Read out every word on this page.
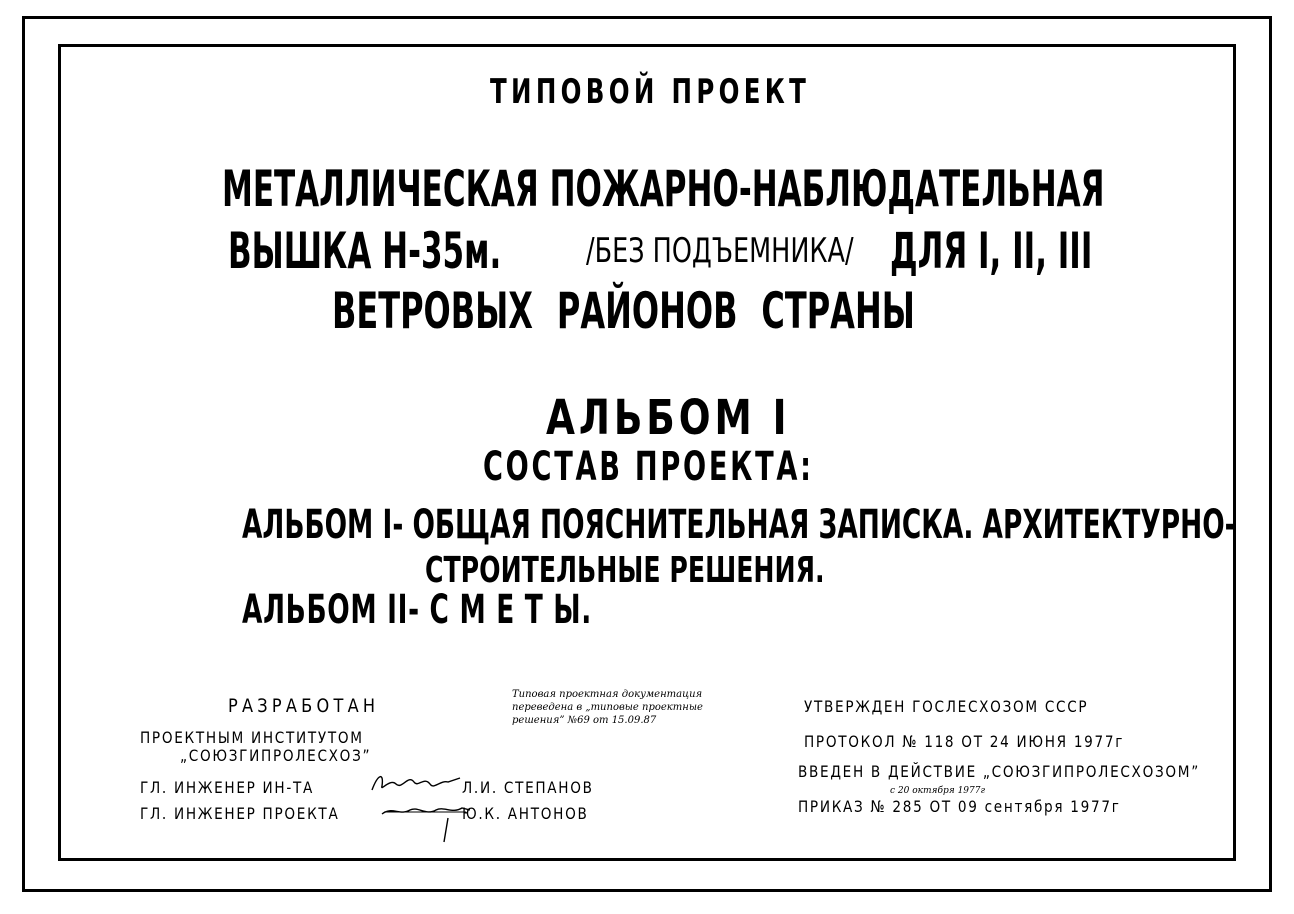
ТИПОВОЙ ПРОЕКТ
МЕТАЛЛИЧЕСКАЯ ПОЖАРНО-НАБЛЮДАТЕЛЬНАЯ
ВЫШКА Н-35м. /БЕЗ ПОДЪЕМНИКА/ ДЛЯ I, II, III
ВЕТРОВЫХ РАЙОНОВ СТРАНЫ
АЛЬБОМ I
СОСТАВ ПРОЕКТА:
АЛЬБОМ I- ОБЩАЯ ПОЯСНИТЕЛЬНАЯ ЗАПИСКА. АРХИТЕКТУРНО-
СТРОИТЕЛЬНЫЕ РЕШЕНИЯ.
АЛЬБОМ II- С М Е Т Ы.
РАЗРАБОТАН
ПРОЕКТНЫМ ИНСТИТУТОМ
„СОЮЗГИПРОЛЕСХОЗ”
ГЛ. ИНЖЕНЕР ИН-ТА	Л.И. СТЕПАНОВ
ГЛ. ИНЖЕНЕР ПРОЕКТА	Ю.К. АНТОНОВ
Типовая проектная документация
переведена в „типовые проектные
решения” №69 от 15.09.87
УТВЕРЖДЕН ГОСЛЕСХОЗОМ СССР
ПРОТОКОЛ № 118 ОТ 24 ИЮНЯ 1977г
ВВЕДЕН В ДЕЙСТВИЕ „СОЮЗГИПРОЛЕСХОЗОМ”
с 20 октября 1977г
ПРИКАЗ № 285 ОТ 09 сентября 1977г
